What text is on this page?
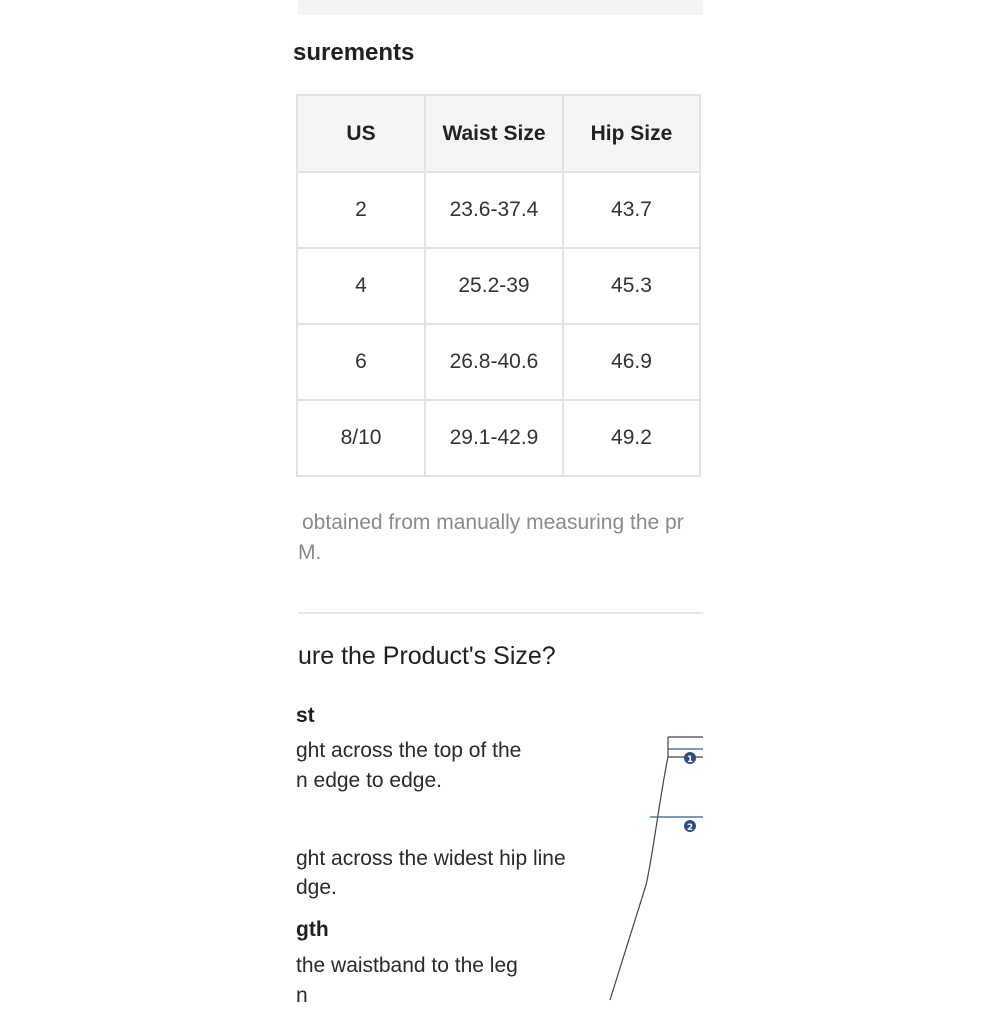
surements
US	Waist Size	Hip Size
2	23.6-37.4	43.7
4	25.2-39	45.3
6	26.8-40.6	46.9
8/10	29.1-42.9	49.2
obtained from manually measuring the pr
M.
ure the Product's Size?
st
ght across the top of the
n edge to edge.
ght across the widest hip line
dge.
gth
the waistband to the leg
n
1
2
